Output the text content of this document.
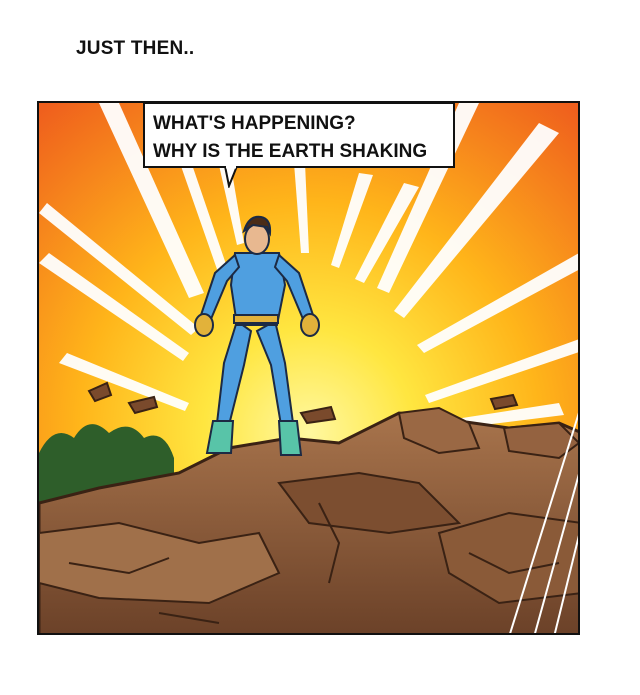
JUST THEN..
WHAT'S HAPPENING?
WHY IS THE EARTH SHAKING
